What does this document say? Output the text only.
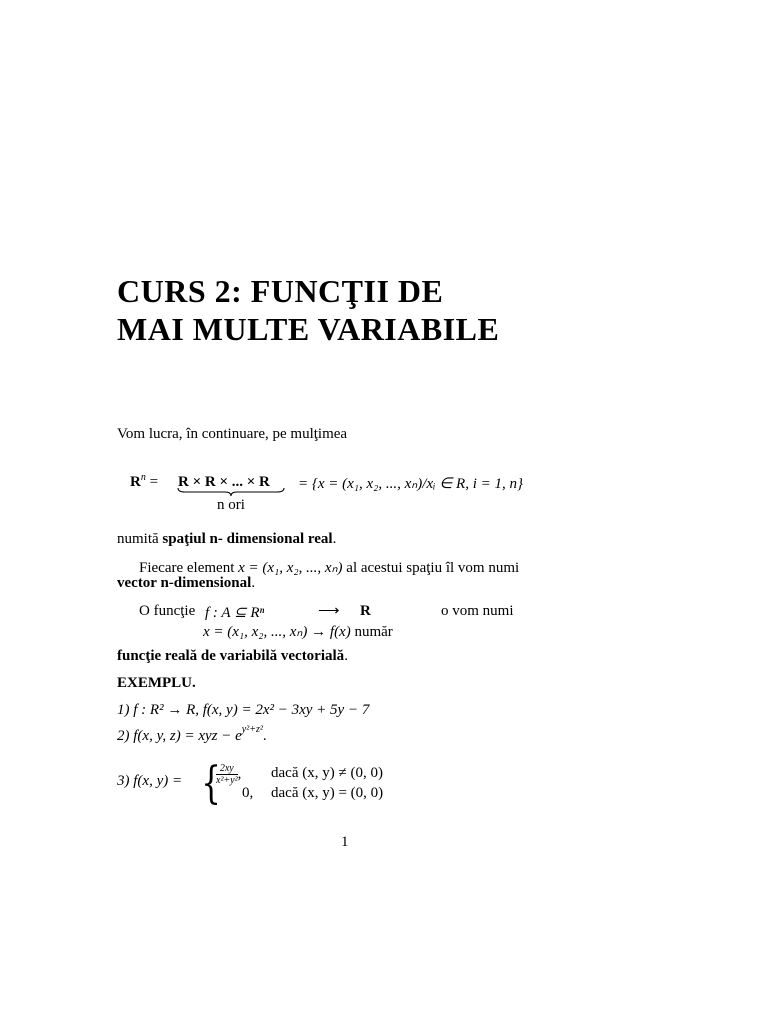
CURS 2: FUNCŢII DE
MAI MULTE VARIABILE
Vom lucra, în continuare, pe mulţimea
$R^n = R \times R$ × ... × R
n ori
= {x = (x₁, x₂, ..., xₙ)/xᵢ ∈ R, i = 1, n}
numită spaţiul n- dimensional real.
Fiecare element x = (x₁, x₂, ..., xₙ) al acestui spaţiu îl vom numi
vector n-dimensional.
O funcţie f : A ⊆ Rⁿ	⟶ R	o vom numi
x = (x₁, x₂, ..., xₙ) → f(x) număr
funcţie reală de variabilă vectorială.
EXEMPLU.
1) f : R² → R, f(x, y) = 2x² − 3xy + 5y − 7
2) f(x, y, z) = xyz − $e^{y^2+z^2}$.
3) f(x, y) = {
$\frac{2xy}{\text{x²+y²}}$ , dacă (x, y) ≠ (0, 0)
0, dacă (x, y) = (0, 0)
1
